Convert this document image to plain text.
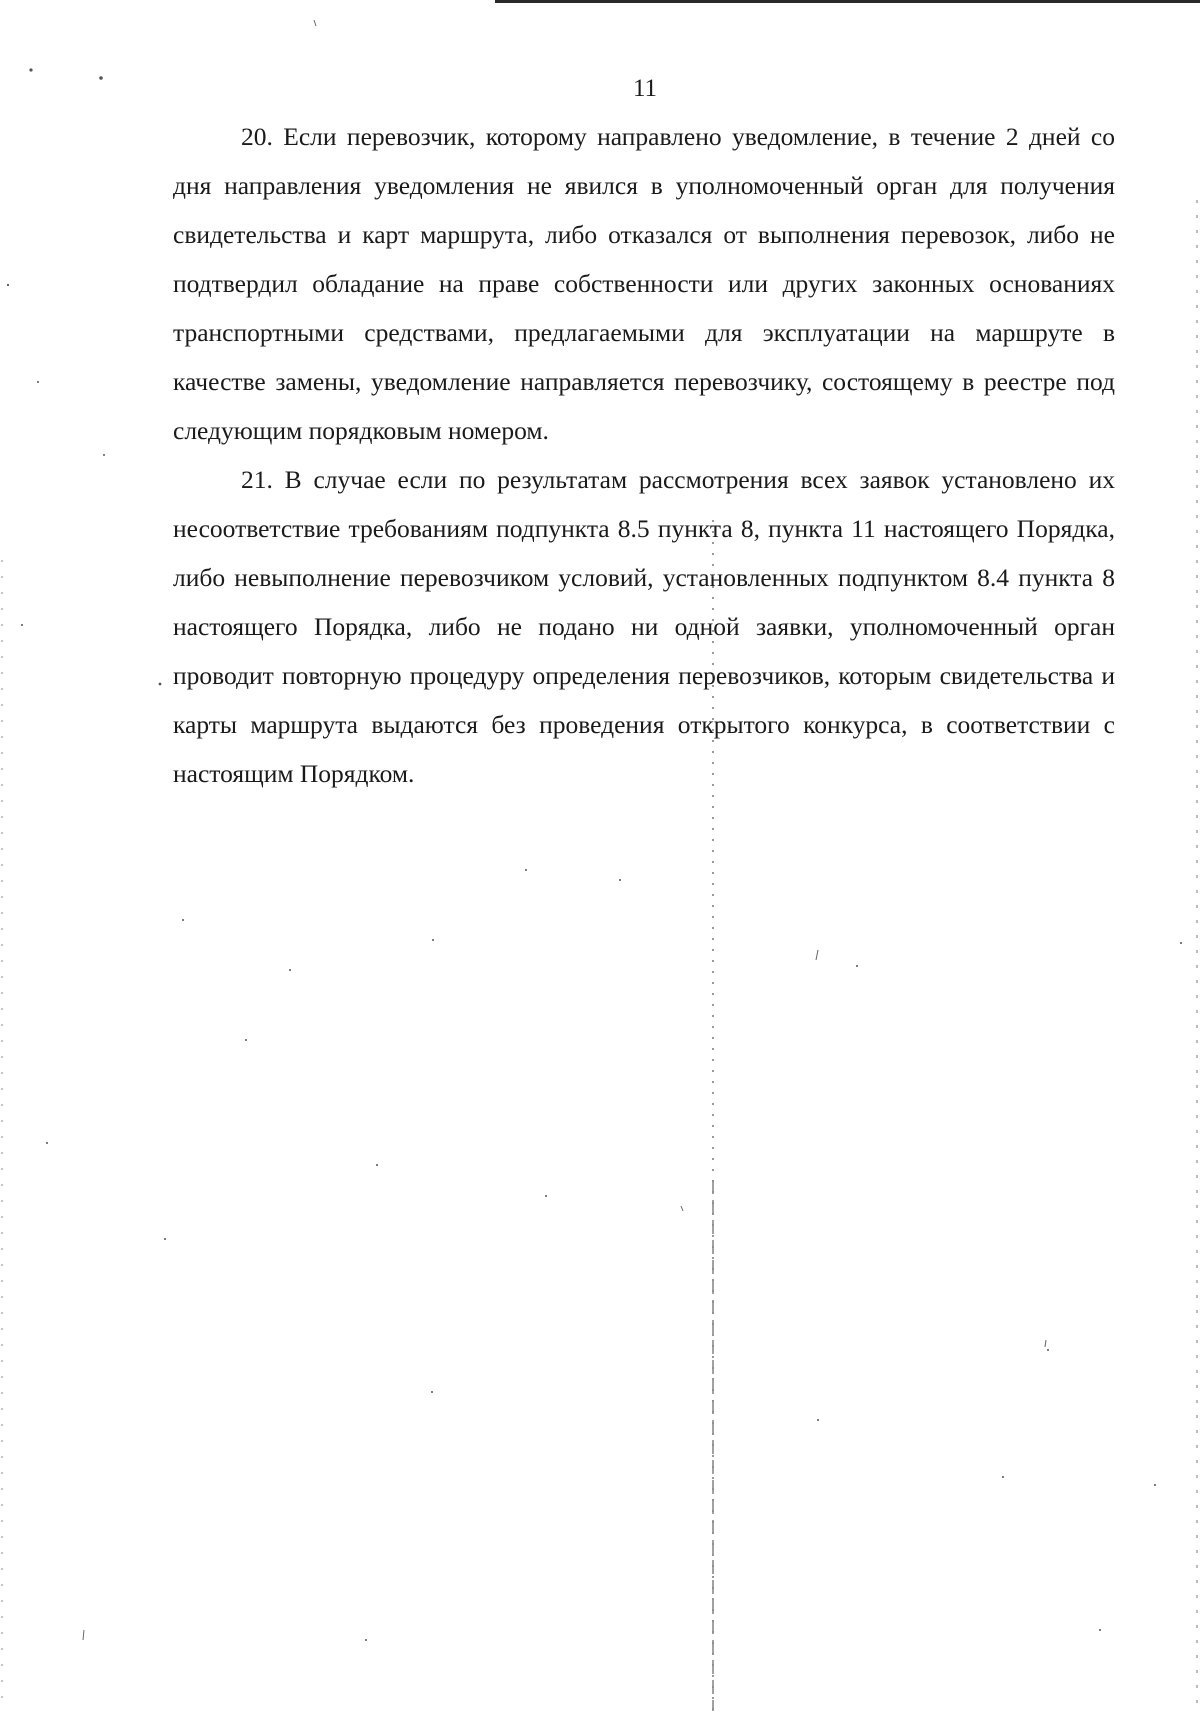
11

20. Если перевозчик, которому направлено уведомление, в течение 2 дней со дня направления уведомления не явился в уполномоченный орган для получения свидетельства и карт маршрута, либо отказался от выполнения перевозок, либо не подтвердил обладание на праве собственности или других законных основаниях транспортными средствами, предлагаемыми для эксплуатации на маршруте в качестве замены, уведомление направляется перевозчику, состоящему в реестре под следующим порядковым номером.

21. В случае если по результатам рассмотрения всех заявок установлено их несоответствие требованиям подпункта 8.5 пункта 8, пункта 11 настоящего Порядка, либо невыполнение перевозчиком условий, установленных подпунктом 8.4 пункта 8 настоящего Порядка, либо не подано ни одной заявки, уполномоченный орган проводит повторную процедуру определения перевозчиков, которым свидетельства и карты маршрута выдаются без проведения открытого конкурса, в соответствии с настоящим Порядком.
